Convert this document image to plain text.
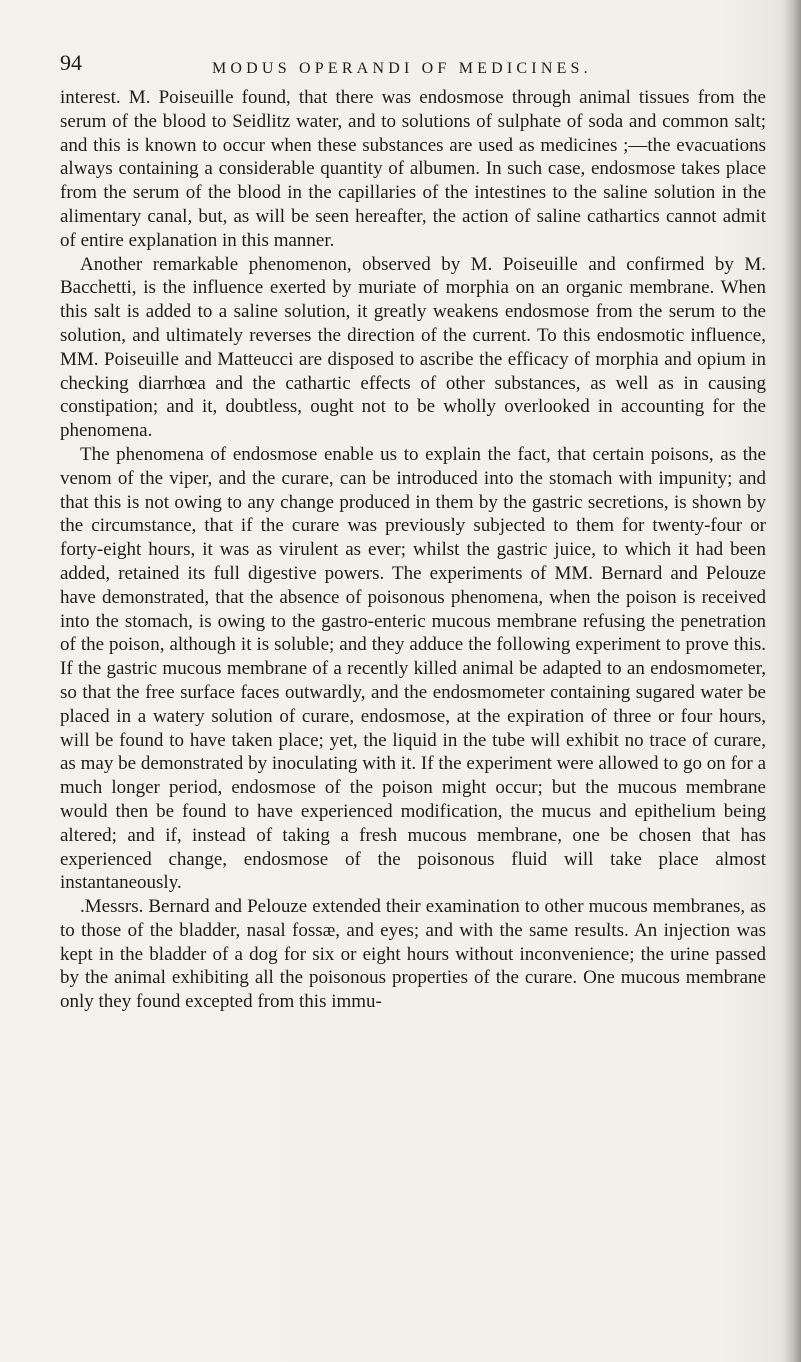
94	MODUS OPERANDI OF MEDICINES.

interest. M. Poiseuille found, that there was endosmose through animal tissues from the serum of the blood to Seidlitz water, and to solutions of sulphate of soda and common salt; and this is known to occur when these substances are used as medicines ;—the evacuations always containing a considerable quantity of albumen. In such case, endosmose takes place from the serum of the blood in the capillaries of the intestines to the saline solution in the alimentary canal, but, as will be seen hereafter, the action of saline cathartics cannot admit of entire explanation in this manner.

Another remarkable phenomenon, observed by M. Poiseuille and confirmed by M. Bacchetti, is the influence exerted by muriate of morphia on an organic membrane. When this salt is added to a saline solution, it greatly weakens endosmose from the serum to the solution, and ultimately reverses the direction of the current. To this endosmotic influence, MM. Poiseuille and Matteucci are disposed to ascribe the efficacy of morphia and opium in checking diarrhœa and the cathartic effects of other substances, as well as in causing constipation; and it, doubtless, ought not to be wholly overlooked in accounting for the phenomena.

The phenomena of endosmose enable us to explain the fact, that certain poisons, as the venom of the viper, and the curare, can be introduced into the stomach with impunity; and that this is not owing to any change produced in them by the gastric secretions, is shown by the circumstance, that if the curare was previously subjected to them for twenty-four or forty-eight hours, it was as virulent as ever; whilst the gastric juice, to which it had been added, retained its full digestive powers. The experiments of MM. Bernard and Pelouze have demonstrated, that the absence of poisonous phenomena, when the poison is received into the stomach, is owing to the gastro-enteric mucous membrane refusing the penetration of the poison, although it is soluble; and they adduce the following experiment to prove this. If the gastric mucous membrane of a recently killed animal be adapted to an endosmometer, so that the free surface faces outwardly, and the endosmometer containing sugared water be placed in a watery solution of curare, endosmose, at the expiration of three or four hours, will be found to have taken place; yet, the liquid in the tube will exhibit no trace of curare, as may be demonstrated by inoculating with it. If the experiment were allowed to go on for a much longer period, endosmose of the poison might occur; but the mucous membrane would then be found to have experienced modification, the mucus and epithelium being altered; and if, instead of taking a fresh mucous membrane, one be chosen that has experienced change, endosmose of the poisonous fluid will take place almost instantaneously.

.Messrs. Bernard and Pelouze extended their examination to other mucous membranes, as to those of the bladder, nasal fossæ, and eyes; and with the same results. An injection was kept in the bladder of a dog for six or eight hours without inconvenience; the urine passed by the animal exhibiting all the poisonous properties of the curare. One mucous membrane only they found excepted from this immu-
